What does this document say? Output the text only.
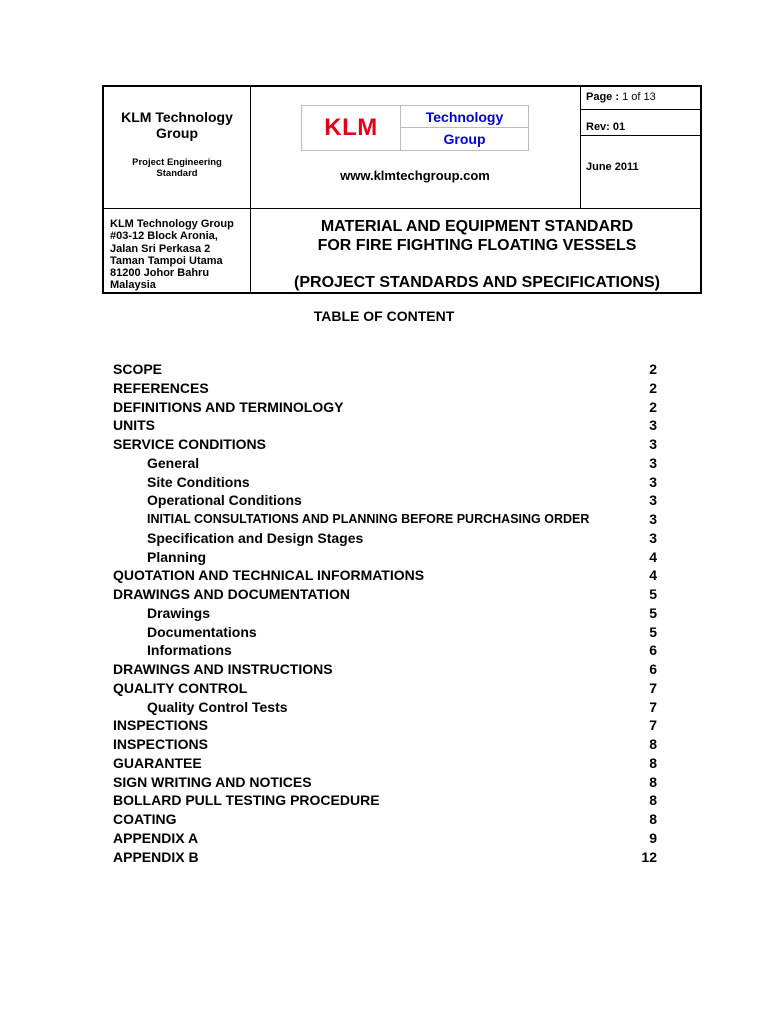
KLM Technology Group
Project Engineering Standard
KLM	Technology
Group
www.klmtechgroup.com
Page : 1 of 13
Rev: 01
June 2011
KLM Technology Group
#03-12 Block Aronia,
Jalan Sri Perkasa 2
Taman Tampoi Utama
81200 Johor Bahru
Malaysia
MATERIAL AND EQUIPMENT STANDARD
FOR FIRE FIGHTING FLOATING VESSELS
(PROJECT STANDARDS AND SPECIFICATIONS)
TABLE OF CONTENT
SCOPE	2
REFERENCES	2
DEFINITIONS AND TERMINOLOGY	2
UNITS	3
SERVICE CONDITIONS	3
General	3
Site Conditions	3
Operational Conditions	3
INITIAL CONSULTATIONS AND PLANNING BEFORE PURCHASING ORDER	3
Specification and Design Stages	3
Planning	4
QUOTATION AND TECHNICAL INFORMATIONS	4
DRAWINGS AND DOCUMENTATION	5
Drawings	5
Documentations	5
Informations	6
DRAWINGS AND INSTRUCTIONS	6
QUALITY CONTROL	7
Quality Control Tests	7
INSPECTIONS	7
INSPECTIONS	8
GUARANTEE	8
SIGN WRITING AND NOTICES	8
BOLLARD PULL TESTING PROCEDURE	8
COATING	8
APPENDIX A	9
APPENDIX B	12
